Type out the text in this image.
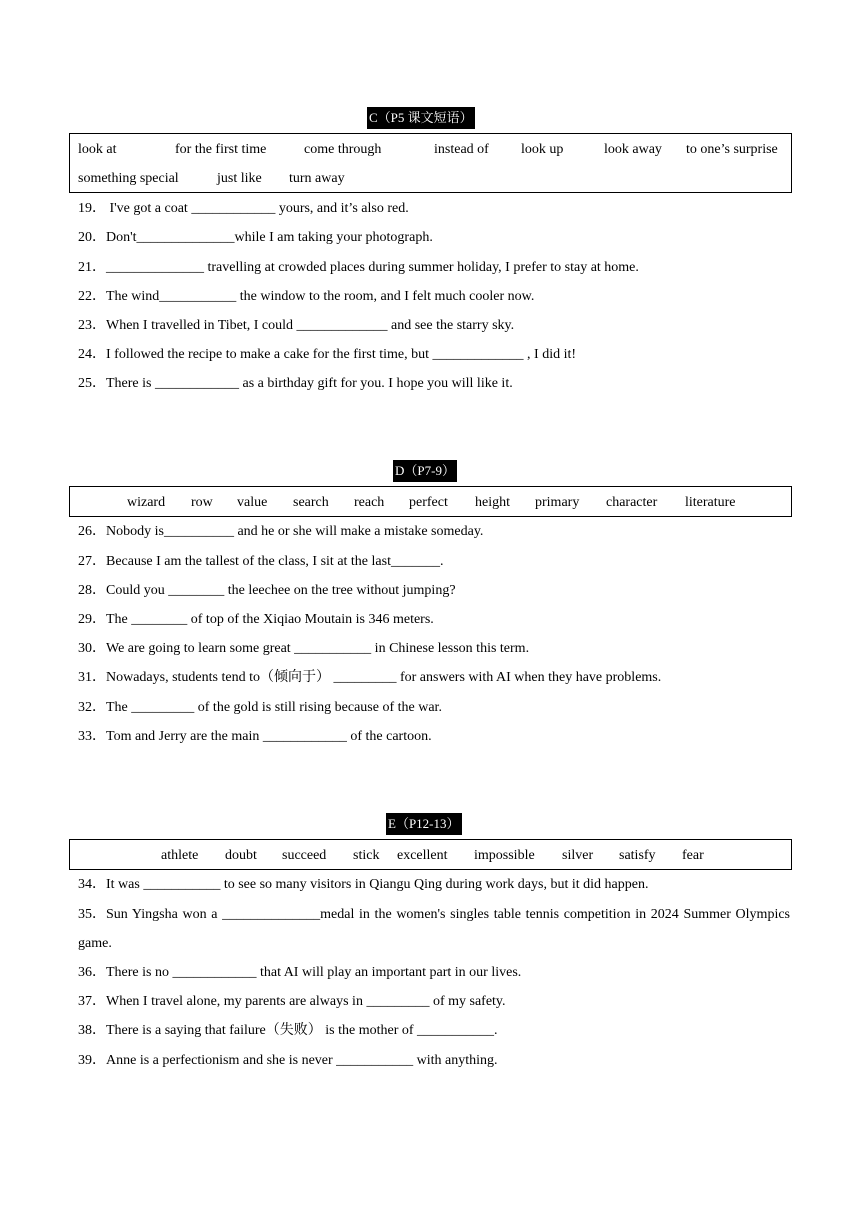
C（P5 课文短语）
look at	for the first time	come through	instead of look up	look away to one’s surprise
something special	just like turn away
19． I've got a coat ____________ yours, and it’s also red.
20．Don't______________while I am taking your photograph.
21．______________ travelling at crowded places during summer holiday, I prefer to stay at home.
22．The wind___________ the window to the room, and I felt much cooler now.
23．When I travelled in Tibet, I could _____________ and see the starry sky.
24．I followed the recipe to make a cake for the first time, but _____________ , I did it!
25．There is ____________ as a birthday gift for you. I hope you will like it.
D（P7-9）
wizard row value search reach perfect height primary character literature
26．Nobody is__________ and he or she will make a mistake someday.
27．Because I am the tallest of the class, I sit at the last_______.
28．Could you ________ the leechee on the tree without jumping?
29．The ________ of top of the Xiqiao Moutain is 346 meters.
30．We are going to learn some great ___________ in Chinese lesson this term.
31．Nowadays, students tend to（倾向于） _________ for answers with AI when they have problems.
32．The _________ of the gold is still rising because of the war.
33．Tom and Jerry are the main ____________ of the cartoon.
E（P12-13）
athlete doubt succeed stick excellent impossible silver satisfy fear
34．It was ___________ to see so many visitors in Qiangu Qing during work days, but it did happen.
35．Sun Yingsha won a ______________medal in the women's singles table tennis competition in 2024 Summer Olympics game.
36．There is no ____________ that AI will play an important part in our lives.
37．When I travel alone, my parents are always in _________ of my safety.
38．There is a saying that failure（失败） is the mother of ___________.
39．Anne is a perfectionism and she is never ___________ with anything.
